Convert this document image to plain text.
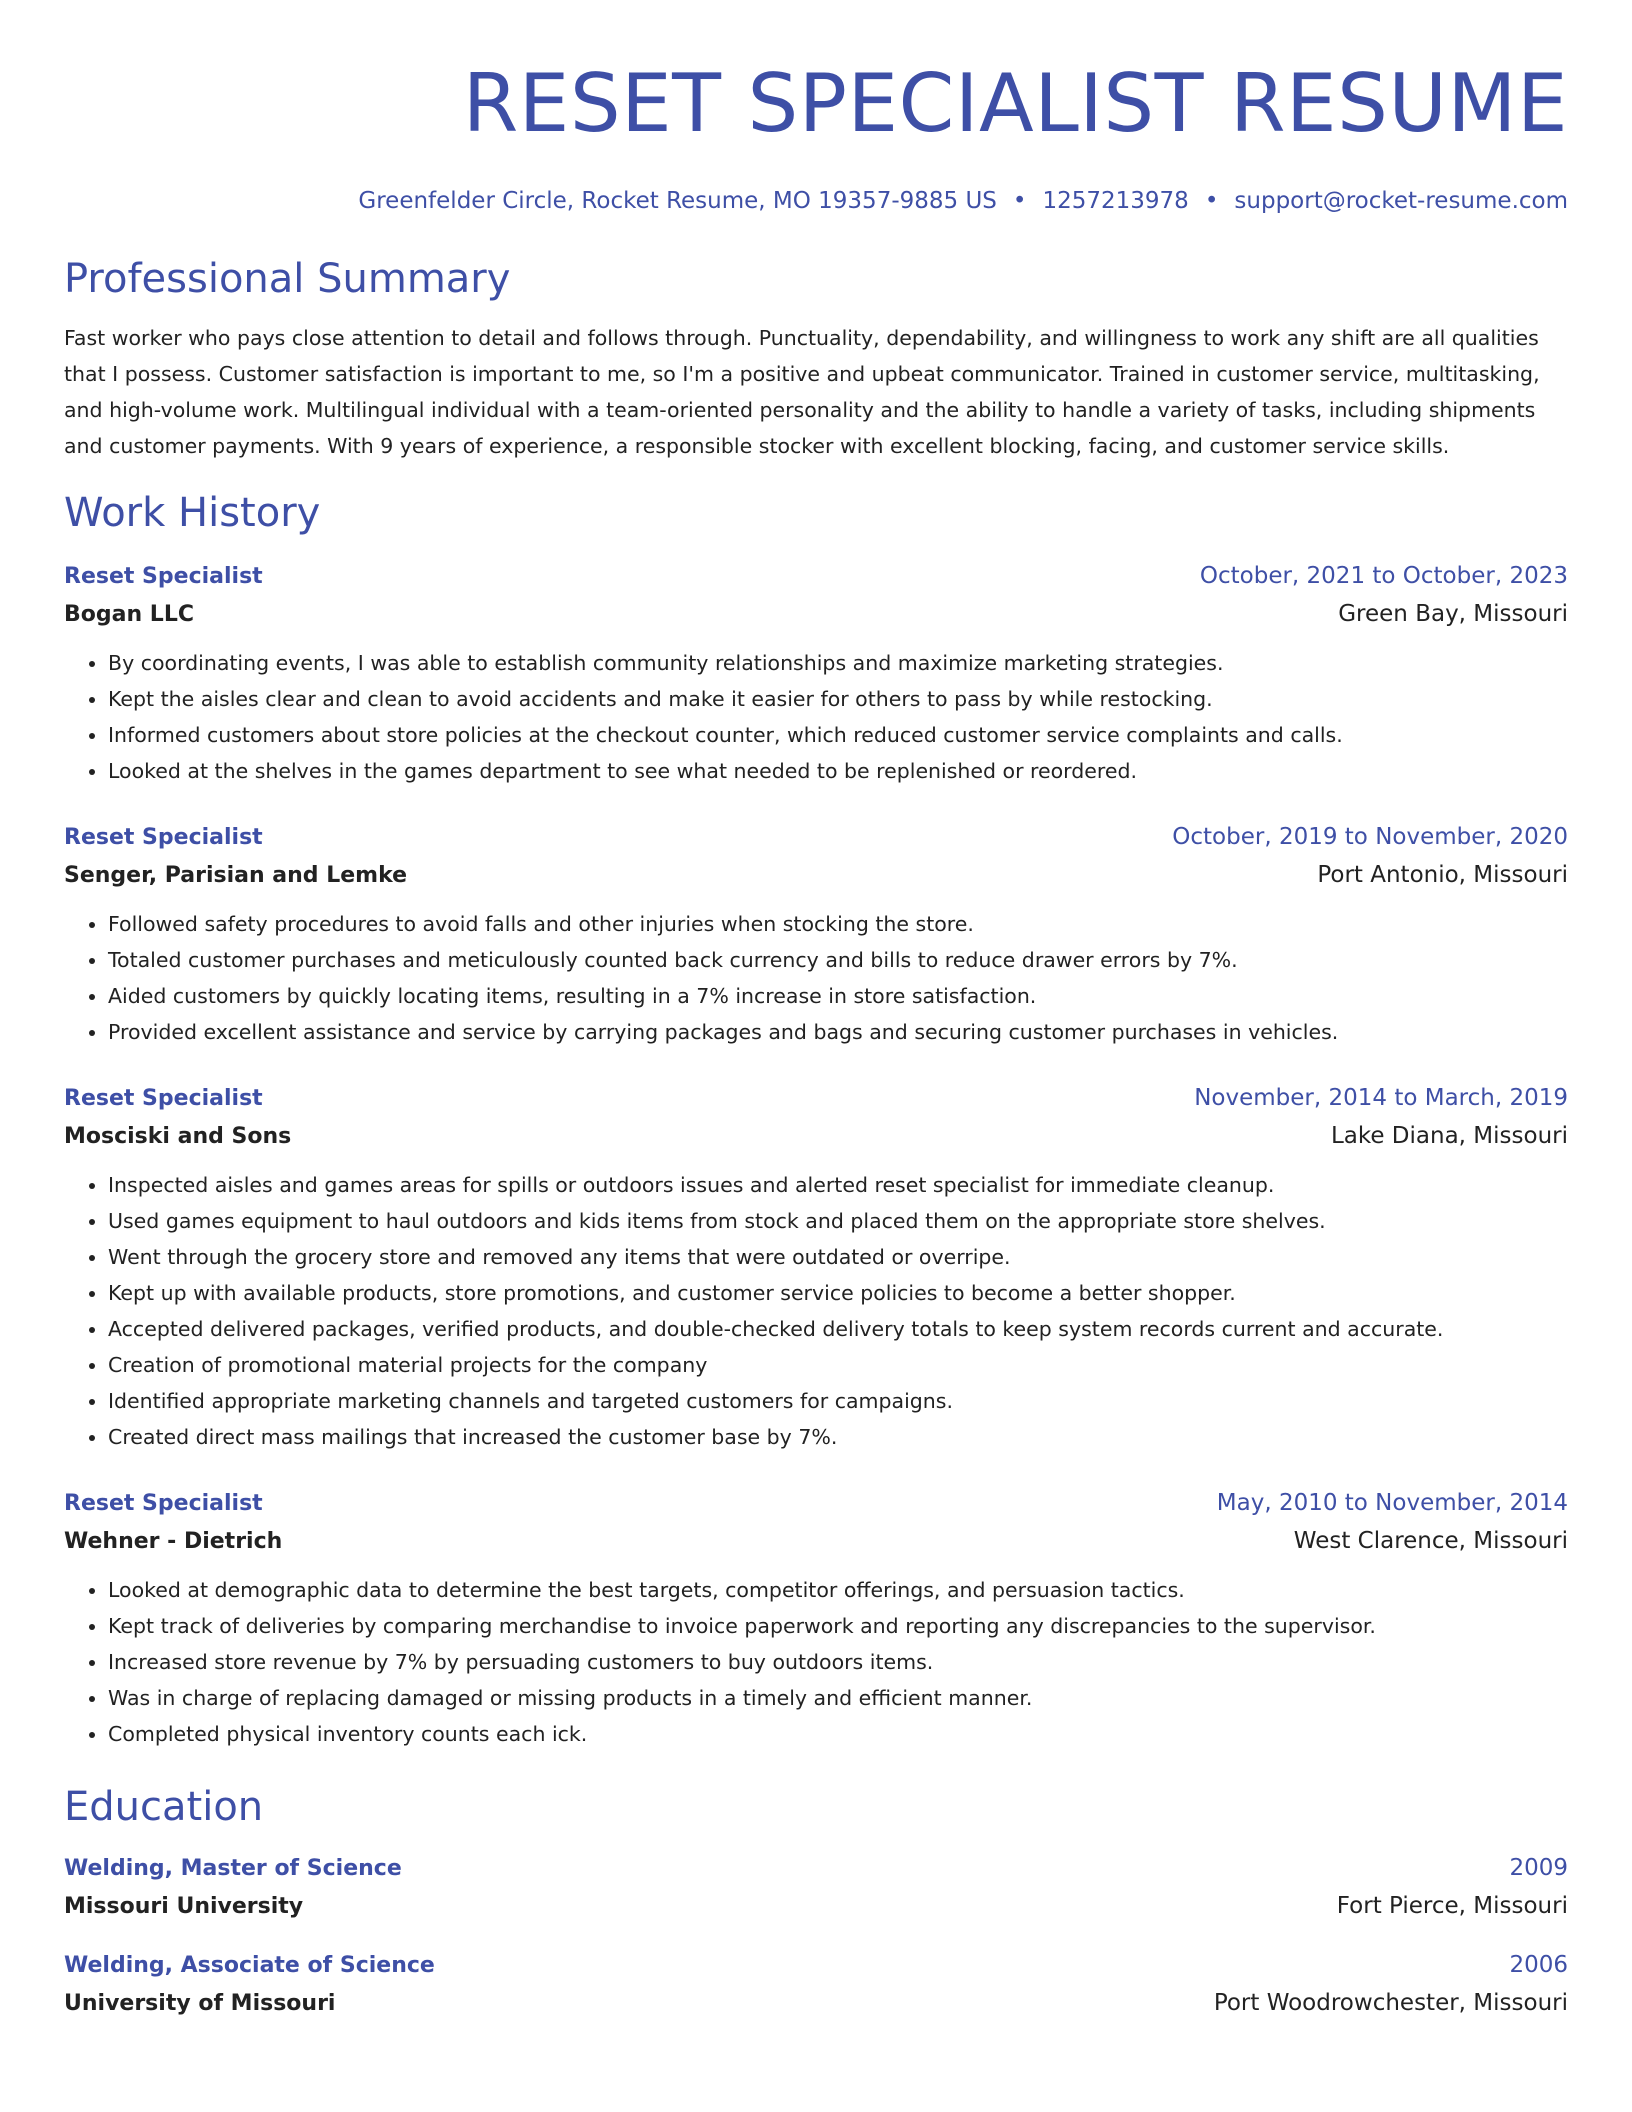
RESET SPECIALIST RESUME
Greenfelder Circle, Rocket Resume, MO 19357-9885 US • 1257213978 • support@rocket-resume.com
Professional Summary
Fast worker who pays close attention to detail and follows through. Punctuality, dependability, and willingness to work any shift are all qualities that I possess. Customer satisfaction is important to me, so I'm a positive and upbeat communicator. Trained in customer service, multitasking, and high-volume work. Multilingual individual with a team-oriented personality and the ability to handle a variety of tasks, including shipments and customer payments. With 9 years of experience, a responsible stocker with excellent blocking, facing, and customer service skills.
Work History
Reset Specialist	October, 2021 to October, 2023
Bogan LLC	Green Bay, Missouri
• By coordinating events, I was able to establish community relationships and maximize marketing strategies.
• Kept the aisles clear and clean to avoid accidents and make it easier for others to pass by while restocking.
• Informed customers about store policies at the checkout counter, which reduced customer service complaints and calls.
• Looked at the shelves in the games department to see what needed to be replenished or reordered.
Reset Specialist	October, 2019 to November, 2020
Senger, Parisian and Lemke	Port Antonio, Missouri
• Followed safety procedures to avoid falls and other injuries when stocking the store.
• Totaled customer purchases and meticulously counted back currency and bills to reduce drawer errors by 7%.
• Aided customers by quickly locating items, resulting in a 7% increase in store satisfaction.
• Provided excellent assistance and service by carrying packages and bags and securing customer purchases in vehicles.
Reset Specialist	November, 2014 to March, 2019
Mosciski and Sons	Lake Diana, Missouri
• Inspected aisles and games areas for spills or outdoors issues and alerted reset specialist for immediate cleanup.
• Used games equipment to haul outdoors and kids items from stock and placed them on the appropriate store shelves.
• Went through the grocery store and removed any items that were outdated or overripe.
• Kept up with available products, store promotions, and customer service policies to become a better shopper.
• Accepted delivered packages, verified products, and double-checked delivery totals to keep system records current and accurate.
• Creation of promotional material projects for the company
• Identified appropriate marketing channels and targeted customers for campaigns.
• Created direct mass mailings that increased the customer base by 7%.
Reset Specialist	May, 2010 to November, 2014
Wehner - Dietrich	West Clarence, Missouri
• Looked at demographic data to determine the best targets, competitor offerings, and persuasion tactics.
• Kept track of deliveries by comparing merchandise to invoice paperwork and reporting any discrepancies to the supervisor.
• Increased store revenue by 7% by persuading customers to buy outdoors items.
• Was in charge of replacing damaged or missing products in a timely and efficient manner.
• Completed physical inventory counts each ick.
Education
Welding, Master of Science	2009
Missouri University	Fort Pierce, Missouri
Welding, Associate of Science	2006
University of Missouri	Port Woodrowchester, Missouri
